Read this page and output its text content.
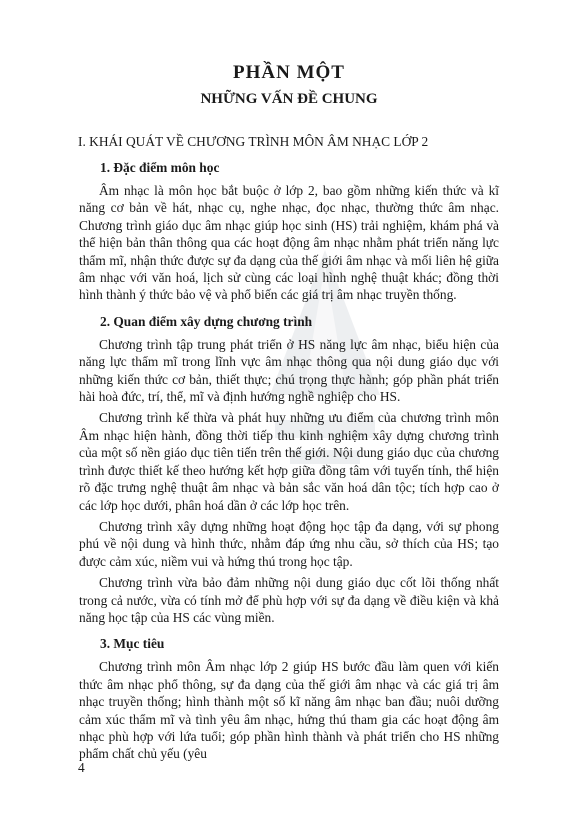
PHẦN MỘT
NHỮNG VẤN ĐỀ CHUNG
I. KHÁI QUÁT VỀ CHƯƠNG TRÌNH MÔN ÂM NHẠC LỚP 2
1. Đặc điểm môn học

Âm nhạc là môn học bắt buộc ở lớp 2, bao gồm những kiến thức và kĩ năng cơ bản về hát, nhạc cụ, nghe nhạc, đọc nhạc, thường thức âm nhạc. Chương trình giáo dục âm nhạc giúp học sinh (HS) trải nghiệm, khám phá và thể hiện bản thân thông qua các hoạt động âm nhạc nhằm phát triển năng lực thẩm mĩ, nhận thức được sự đa dạng của thế giới âm nhạc và mối liên hệ giữa âm nhạc với văn hoá, lịch sử cùng các loại hình nghệ thuật khác; đồng thời hình thành ý thức bảo vệ và phổ biến các giá trị âm nhạc truyền thống.

2. Quan điểm xây dựng chương trình

Chương trình tập trung phát triển ở HS năng lực âm nhạc, biểu hiện của năng lực thẩm mĩ trong lĩnh vực âm nhạc thông qua nội dung giáo dục với những kiến thức cơ bản, thiết thực; chú trọng thực hành; góp phần phát triển hài hoà đức, trí, thể, mĩ và định hướng nghề nghiệp cho HS.

Chương trình kế thừa và phát huy những ưu điểm của chương trình môn Âm nhạc hiện hành, đồng thời tiếp thu kinh nghiệm xây dựng chương trình của một số nền giáo dục tiên tiến trên thế giới. Nội dung giáo dục của chương trình được thiết kế theo hướng kết hợp giữa đồng tâm với tuyến tính, thể hiện rõ đặc trưng nghệ thuật âm nhạc và bản sắc văn hoá dân tộc; tích hợp cao ở các lớp học dưới, phân hoá dần ở các lớp học trên.

Chương trình xây dựng những hoạt động học tập đa dạng, với sự phong phú về nội dung và hình thức, nhằm đáp ứng nhu cầu, sở thích của HS; tạo được cảm xúc, niềm vui và hứng thú trong học tập.

Chương trình vừa bảo đảm những nội dung giáo dục cốt lõi thống nhất trong cả nước, vừa có tính mở để phù hợp với sự đa dạng về điều kiện và khả năng học tập của HS các vùng miền.

3. Mục tiêu

Chương trình môn Âm nhạc lớp 2 giúp HS bước đầu làm quen với kiến thức âm nhạc phổ thông, sự đa dạng của thế giới âm nhạc và các giá trị âm nhạc truyền thống; hình thành một số kĩ năng âm nhạc ban đầu; nuôi dưỡng cảm xúc thẩm mĩ và tình yêu âm nhạc, hứng thú tham gia các hoạt động âm nhạc phù hợp với lứa tuổi; góp phần hình thành và phát triển cho HS những phẩm chất chủ yếu (yêu

4
